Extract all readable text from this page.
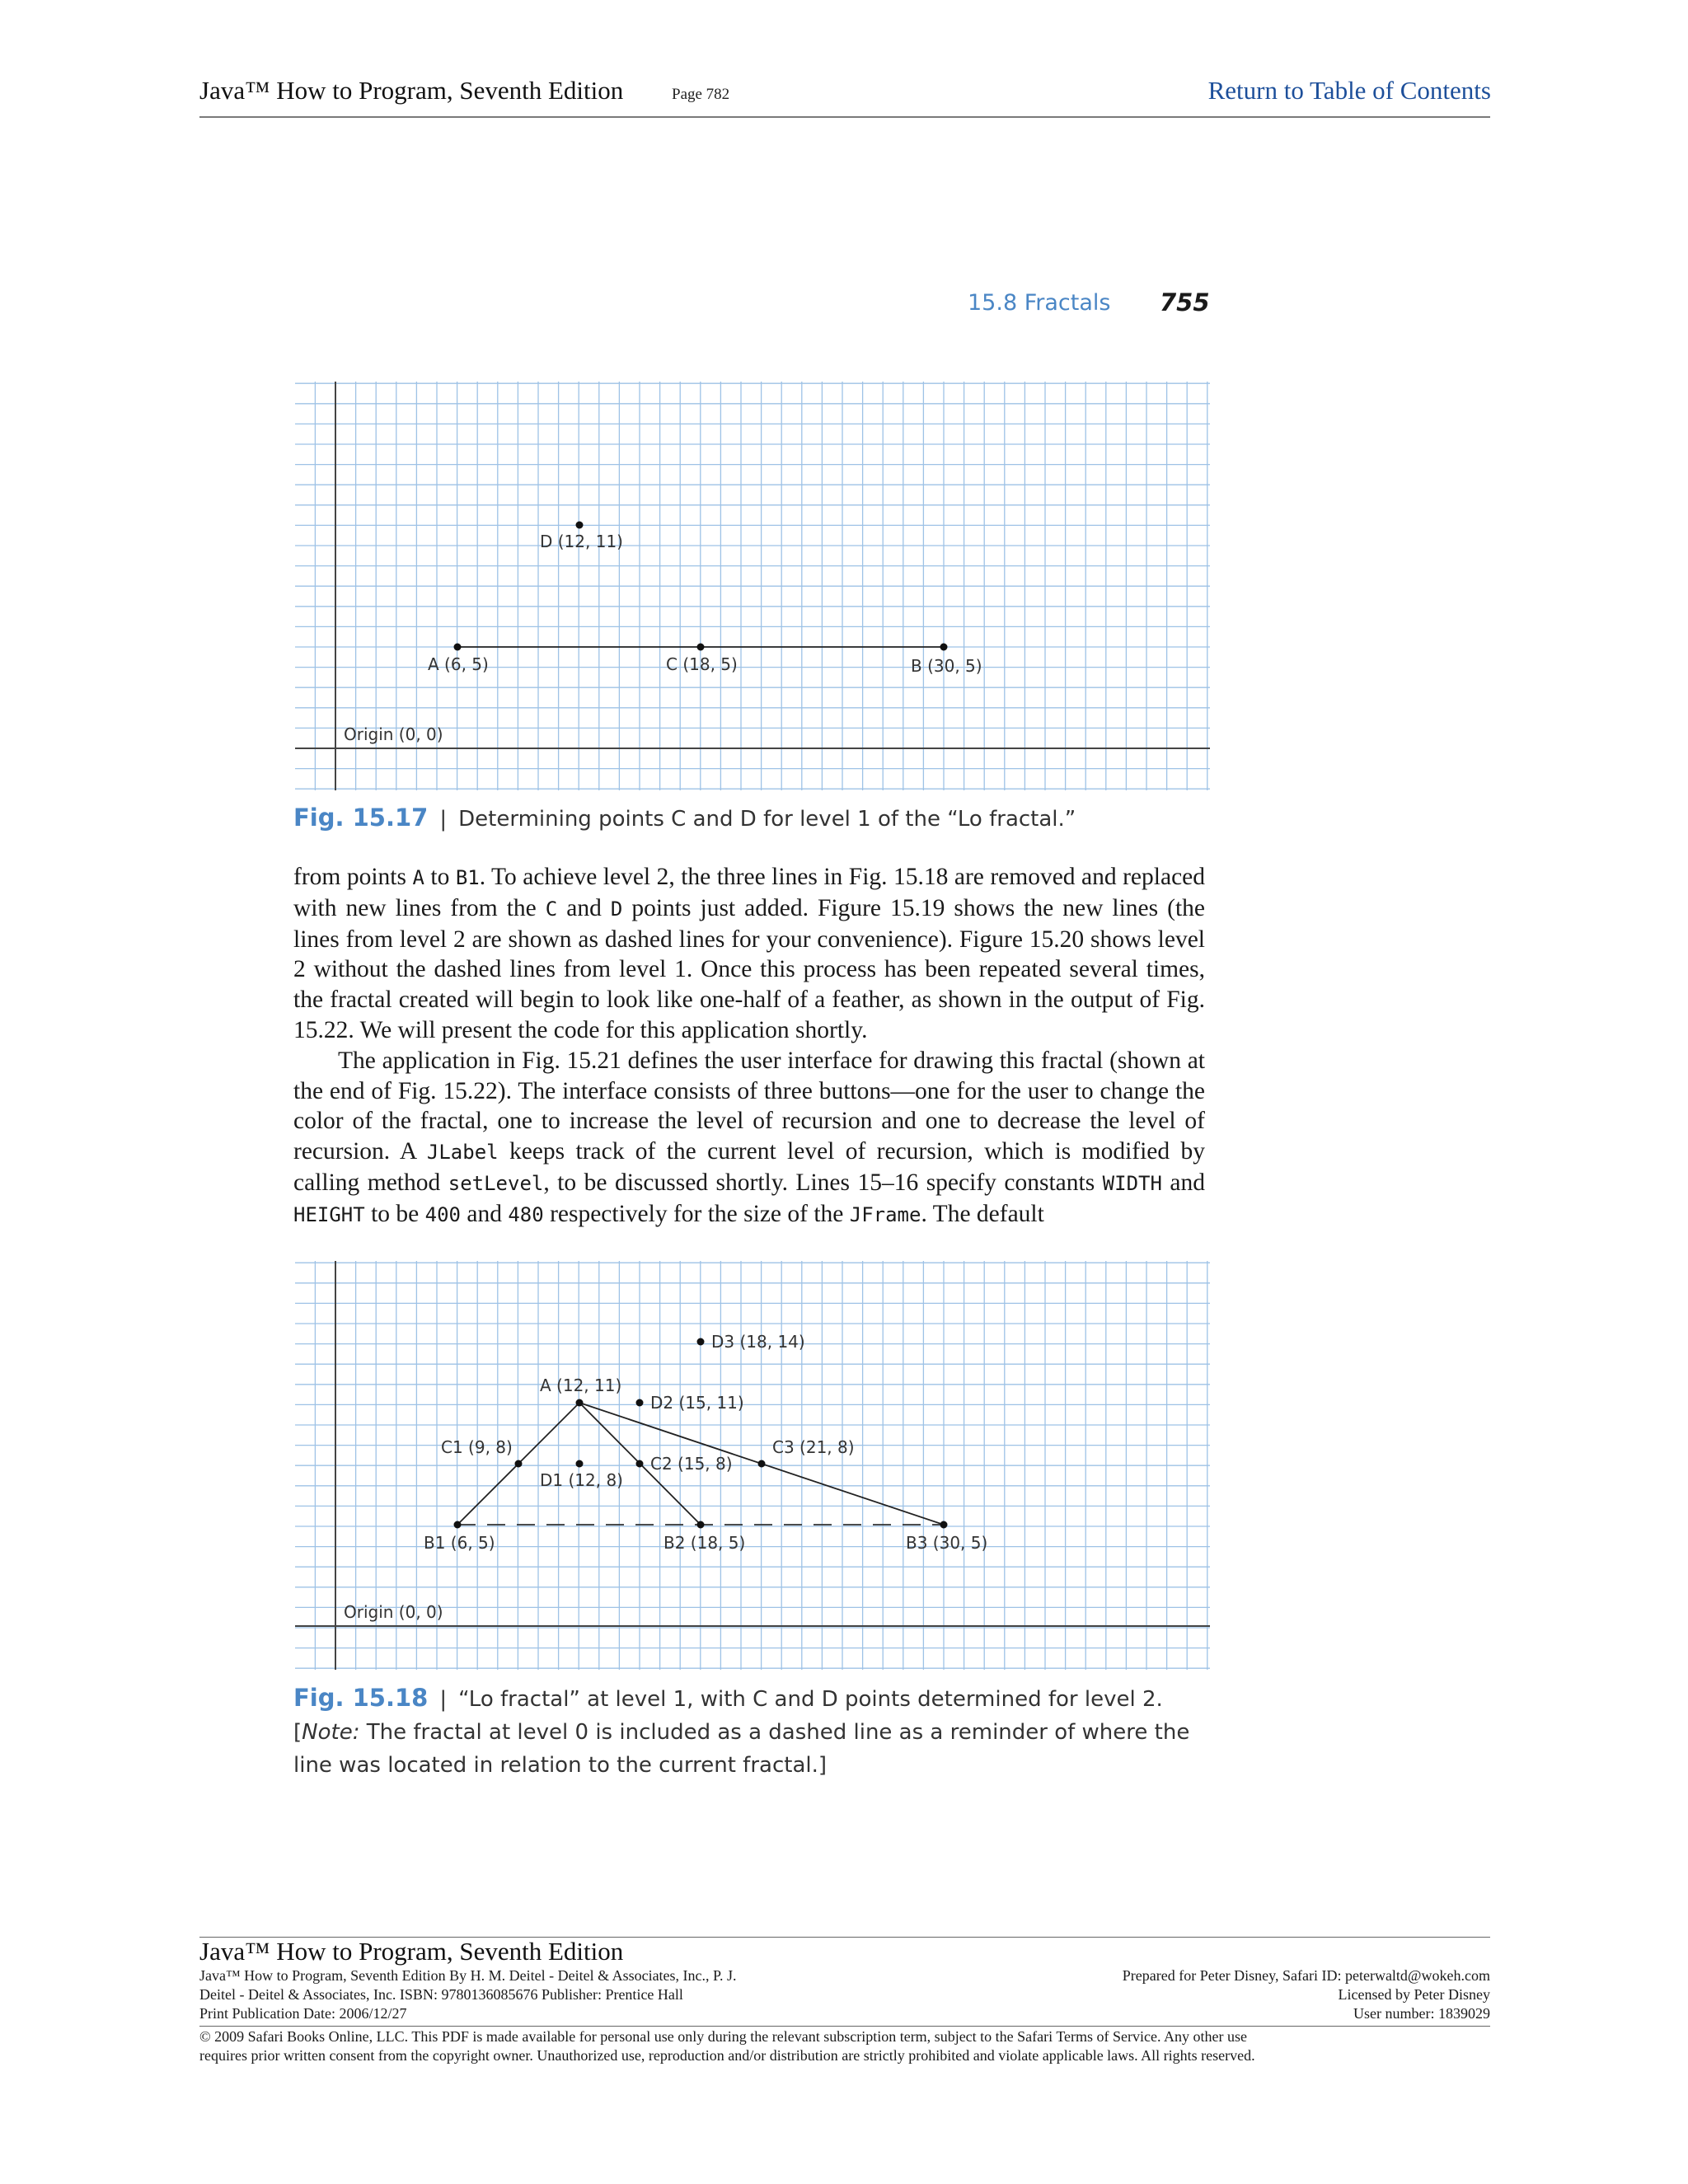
Java™ How to Program, Seventh Edition	Page 782	Return to Table of Contents
15.8 Fractals 755
D (12, 11)
A (6, 5)	C (18, 5)	B (30, 5)
Origin (0, 0)
Fig. 15.17 | Determining points C and D for level 1 of the “Lo fractal.”

from points A to B1. To achieve level 2, the three lines in Fig. 15.18 are removed and replaced with new lines from the C and D points just added. Figure 15.19 shows the new lines (the lines from level 2 are shown as dashed lines for your convenience). Figure 15.20 shows level 2 without the dashed lines from level 1. Once this process has been repeated several times, the fractal created will begin to look like one-half of a feather, as shown in the output of Fig. 15.22. We will present the code for this application shortly.

The application in Fig. 15.21 defines the user interface for drawing this fractal (shown at the end of Fig. 15.22). The interface consists of three buttons—one for the user to change the color of the fractal, one to increase the level of recursion and one to decrease the level of recursion. A JLabel keeps track of the current level of recursion, which is modified by calling method setLevel, to be discussed shortly. Lines 15–16 specify constants WIDTH and HEIGHT to be 400 and 480 respectively for the size of the JFrame. The default

D3 (18, 14)
A (12, 11)
D2 (15, 11)
C1 (9, 8)
C2 (15, 8)
C3 (21, 8)
D1 (12, 8)
B1 (6, 5)	B2 (18, 5)	B3 (30, 5)
Origin (0, 0)
Fig. 15.18 | “Lo fractal” at level 1, with C and D points determined for level 2. [Note: The fractal at level 0 is included as a dashed line as a reminder of where the line was located in relation to the current fractal.]
Java™ How to Program, Seventh Edition
Java™ How to Program, Seventh Edition By H. M. Deitel - Deitel & Associates, Inc., P. J.
Deitel - Deitel & Associates, Inc. ISBN: 9780136085676 Publisher: Prentice Hall
Print Publication Date: 2006/12/27
Prepared for Peter Disney, Safari ID: peterwaltd@wokeh.com
Licensed by Peter Disney
User number: 1839029
© 2009 Safari Books Online, LLC. This PDF is made available for personal use only during the relevant subscription term, subject to the Safari Terms of Service. Any other use
requires prior written consent from the copyright owner. Unauthorized use, reproduction and/or distribution are strictly prohibited and violate applicable laws. All rights reserved.
